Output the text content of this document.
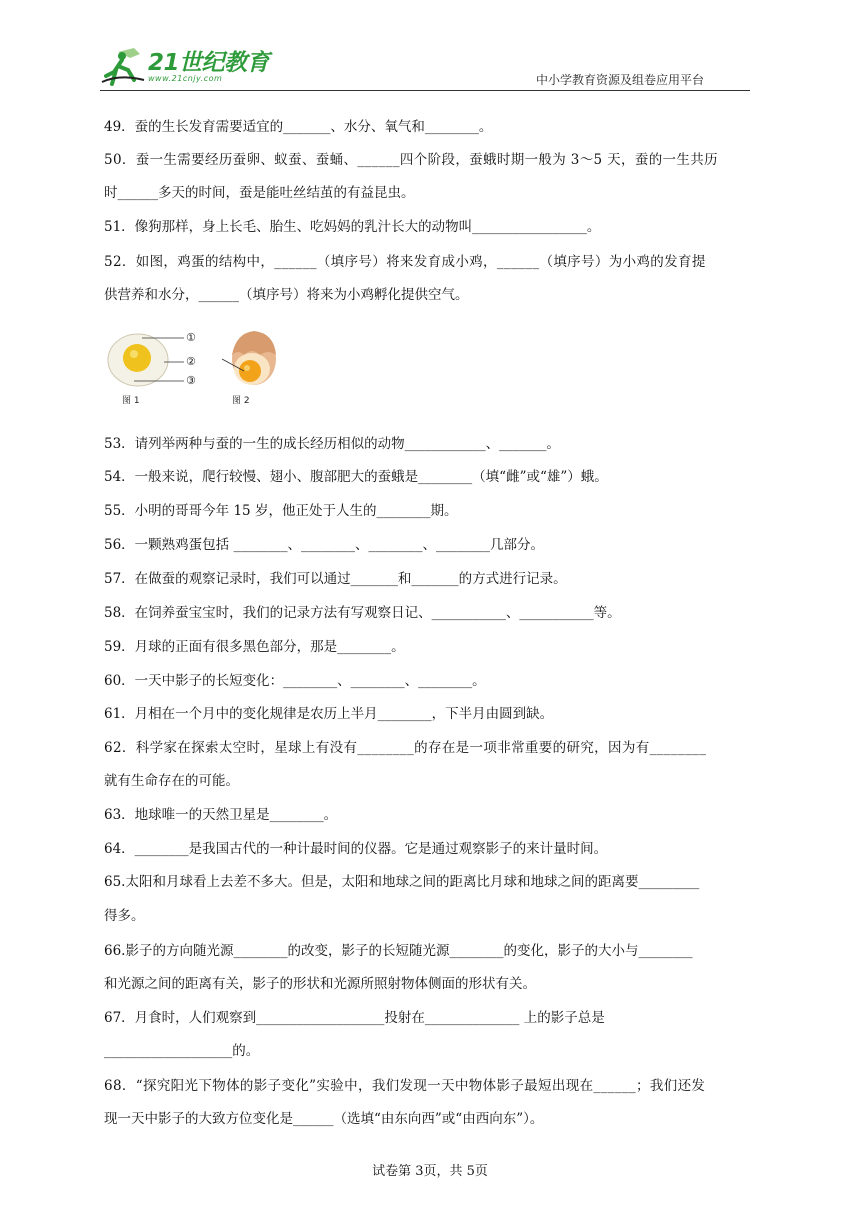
21世纪教育
www.21cnjy.com	中小学教育资源及组卷应用平台
49．蚕的生长发育需要适宜的_______、水分、氧气和________。
50．蚕一生需要经历蚕卵、蚁蚕、蚕蛹、______四个阶段，蚕蛾时期一般为 3～5 天，蚕的一生共历
时______多天的时间，蚕是能吐丝结茧的有益昆虫。
51．像狗那样，身上长毛、胎生、吃妈妈的乳汁长大的动物叫_________________。
52．如图，鸡蛋的结构中，______（填序号）将来发育成小鸡，______（填序号）为小鸡的发育提
供营养和水分，______（填序号）将来为小鸡孵化提供空气。
①
②
③
图 1	图 2
53．请列举两种与蚕的一生的成长经历相似的动物____________、_______。
54．一般来说，爬行较慢、翅小、腹部肥大的蚕蛾是________（填“雌”或“雄”）蛾。
55．小明的哥哥今年 15 岁，他正处于人生的________期。
56．一颗熟鸡蛋包括 ________、________、________、________几部分。
57．在做蚕的观察记录时，我们可以通过_______和_______的方式进行记录。
58．在饲养蚕宝宝时，我们的记录方法有写观察日记、___________、___________等。
59．月球的正面有很多黑色部分，那是________。
60．一天中影子的长短变化：________、________、________。
61．月相在一个月中的变化规律是农历上半月________，下半月由圆到缺。
62．科学家在探索太空时，星球上有没有________的存在是一项非常重要的研究，因为有________
就有生命存在的可能。
63．地球唯一的天然卫星是________。
64．________是我国古代的一种计最时间的仪器。它是通过观察影子的来计量时间。
65.太阳和月球看上去差不多大。但是，太阳和地球之间的距离比月球和地球之间的距离要_________
得多。
66.影子的方向随光源________的改变，影子的长短随光源________的变化，影子的大小与________
和光源之间的距离有关，影子的形状和光源所照射物体侧面的形状有关。
67．月食时，人们观察到___________________投射在______________ 上的影子总是
___________________的。
68．“探究阳光下物体的影子变化”实验中，我们发现一天中物体影子最短出现在______；我们还发
现一天中影子的大致方位变化是______（选填“由东向西”或“由西向东”）。
试卷第 3页，共 5页
